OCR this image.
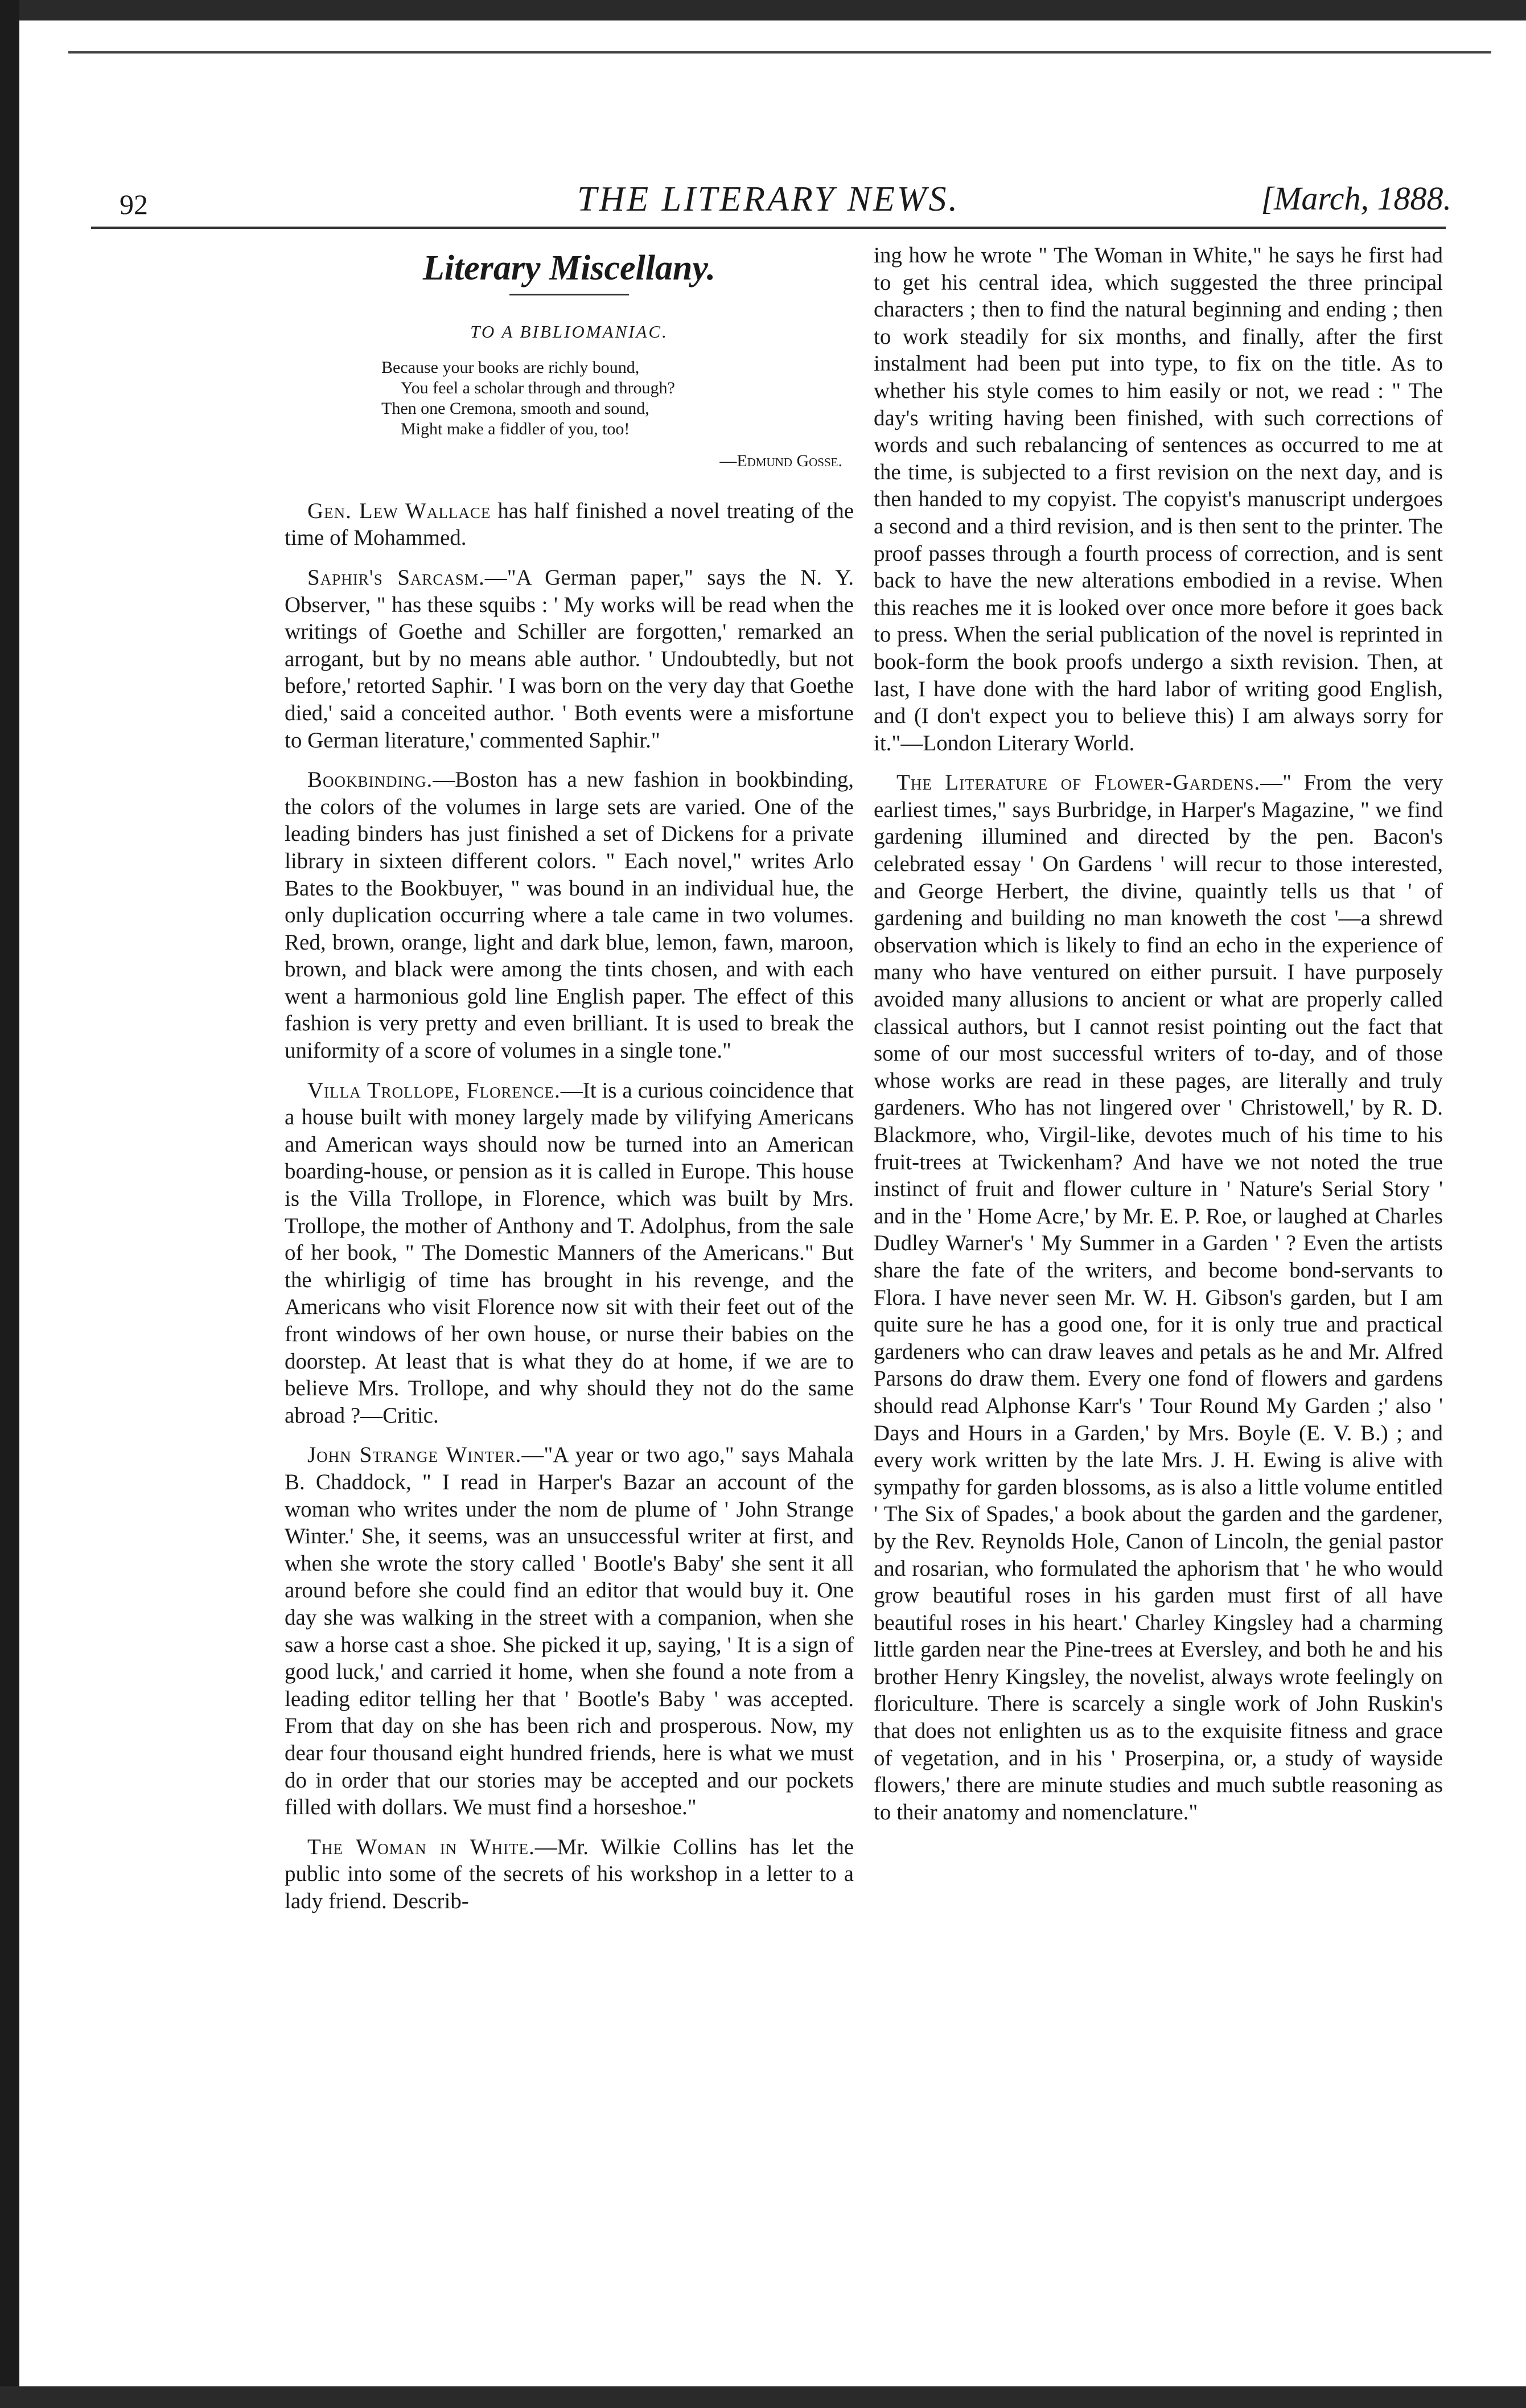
92	THE LITERARY NEWS.	[March, 1888.
Literary Miscellany.
TO A BIBLIOMANIAC.
Because your books are richly bound,
You feel a scholar through and through?
Then one Cremona, smooth and sound,
Might make a fiddler of you, too!
—Edmund Gosse.

Gen. Lew Wallace has half finished a novel treating of the time of Mohammed.

Saphir's Sarcasm.—"A German paper," says the N. Y. Observer, " has these squibs : ' My works will be read when the writings of Goethe and Schiller are forgotten,' remarked an arrogant, but by no means able author. ' Undoubtedly, but not before,' retorted Saphir. ' I was born on the very day that Goethe died,' said a conceited author. ' Both events were a misfortune to German literature,' commented Saphir."

Bookbinding.—Boston has a new fashion in bookbinding, the colors of the volumes in large sets are varied. One of the leading binders has just finished a set of Dickens for a private library in sixteen different colors. " Each novel," writes Arlo Bates to the Bookbuyer, " was bound in an individual hue, the only duplication occurring where a tale came in two volumes. Red, brown, orange, light and dark blue, lemon, fawn, maroon, brown, and black were among the tints chosen, and with each went a harmonious gold line English paper. The effect of this fashion is very pretty and even brilliant. It is used to break the uniformity of a score of volumes in a single tone."

Villa Trollope, Florence.—It is a curious coincidence that a house built with money largely made by vilifying Americans and American ways should now be turned into an American boarding-house, or pension as it is called in Europe. This house is the Villa Trollope, in Florence, which was built by Mrs. Trollope, the mother of Anthony and T. Adolphus, from the sale of her book, " The Domestic Manners of the Americans." But the whirligig of time has brought in his revenge, and the Americans who visit Florence now sit with their feet out of the front windows of her own house, or nurse their babies on the doorstep. At least that is what they do at home, if we are to believe Mrs. Trollope, and why should they not do the same abroad ?—Critic.

John Strange Winter.—"A year or two ago," says Mahala B. Chaddock, " I read in Harper's Bazar an account of the woman who writes under the nom de plume of ' John Strange Winter.' She, it seems, was an unsuccessful writer at first, and when she wrote the story called ' Bootle's Baby' she sent it all around before she could find an editor that would buy it. One day she was walking in the street with a companion, when she saw a horse cast a shoe. She picked it up, saying, ' It is a sign of good luck,' and carried it home, when she found a note from a leading editor telling her that ' Bootle's Baby ' was accepted. From that day on she has been rich and prosperous. Now, my dear four thousand eight hundred friends, here is what we must do in order that our stories may be accepted and our pockets filled with dollars. We must find a horseshoe."

The Woman in White.—Mr. Wilkie Collins has let the public into some of the secrets of his workshop in a letter to a lady friend. Describ-

ing how he wrote " The Woman in White," he says he first had to get his central idea, which suggested the three principal characters ; then to find the natural beginning and ending ; then to work steadily for six months, and finally, after the first instalment had been put into type, to fix on the title. As to whether his style comes to him easily or not, we read : " The day's writing having been finished, with such corrections of words and such rebalancing of sentences as occurred to me at the time, is subjected to a first revision on the next day, and is then handed to my copyist. The copyist's manuscript undergoes a second and a third revision, and is then sent to the printer. The proof passes through a fourth process of correction, and is sent back to have the new alterations embodied in a revise. When this reaches me it is looked over once more before it goes back to press. When the serial publication of the novel is reprinted in book-form the book proofs undergo a sixth revision. Then, at last, I have done with the hard labor of writing good English, and (I don't expect you to believe this) I am always sorry for it."—London Literary World.

The Literature of Flower-Gardens.—" From the very earliest times," says Burbridge, in Harper's Magazine, " we find gardening illumined and directed by the pen. Bacon's celebrated essay ' On Gardens ' will recur to those interested, and George Herbert, the divine, quaintly tells us that ' of gardening and building no man knoweth the cost '—a shrewd observation which is likely to find an echo in the experience of many who have ventured on either pursuit. I have purposely avoided many allusions to ancient or what are properly called classical authors, but I cannot resist pointing out the fact that some of our most successful writers of to-day, and of those whose works are read in these pages, are literally and truly gardeners. Who has not lingered over ' Christowell,' by R. D. Blackmore, who, Virgil-like, devotes much of his time to his fruit-trees at Twickenham? And have we not noted the true instinct of fruit and flower culture in ' Nature's Serial Story ' and in the ' Home Acre,' by Mr. E. P. Roe, or laughed at Charles Dudley Warner's ' My Summer in a Garden ' ? Even the artists share the fate of the writers, and become bond-servants to Flora. I have never seen Mr. W. H. Gibson's garden, but I am quite sure he has a good one, for it is only true and practical gardeners who can draw leaves and petals as he and Mr. Alfred Parsons do draw them. Every one fond of flowers and gardens should read Alphonse Karr's ' Tour Round My Garden ;' also ' Days and Hours in a Garden,' by Mrs. Boyle (E. V. B.) ; and every work written by the late Mrs. J. H. Ewing is alive with sympathy for garden blossoms, as is also a little volume entitled ' The Six of Spades,' a book about the garden and the gardener, by the Rev. Reynolds Hole, Canon of Lincoln, the genial pastor and rosarian, who formulated the aphorism that ' he who would grow beautiful roses in his garden must first of all have beautiful roses in his heart.' Charley Kingsley had a charming little garden near the Pine-trees at Eversley, and both he and his brother Henry Kingsley, the novelist, always wrote feelingly on floriculture. There is scarcely a single work of John Ruskin's that does not enlighten us as to the exquisite fitness and grace of vegetation, and in his ' Proserpina, or, a study of wayside flowers,' there are minute studies and much subtle reasoning as to their anatomy and nomenclature."
